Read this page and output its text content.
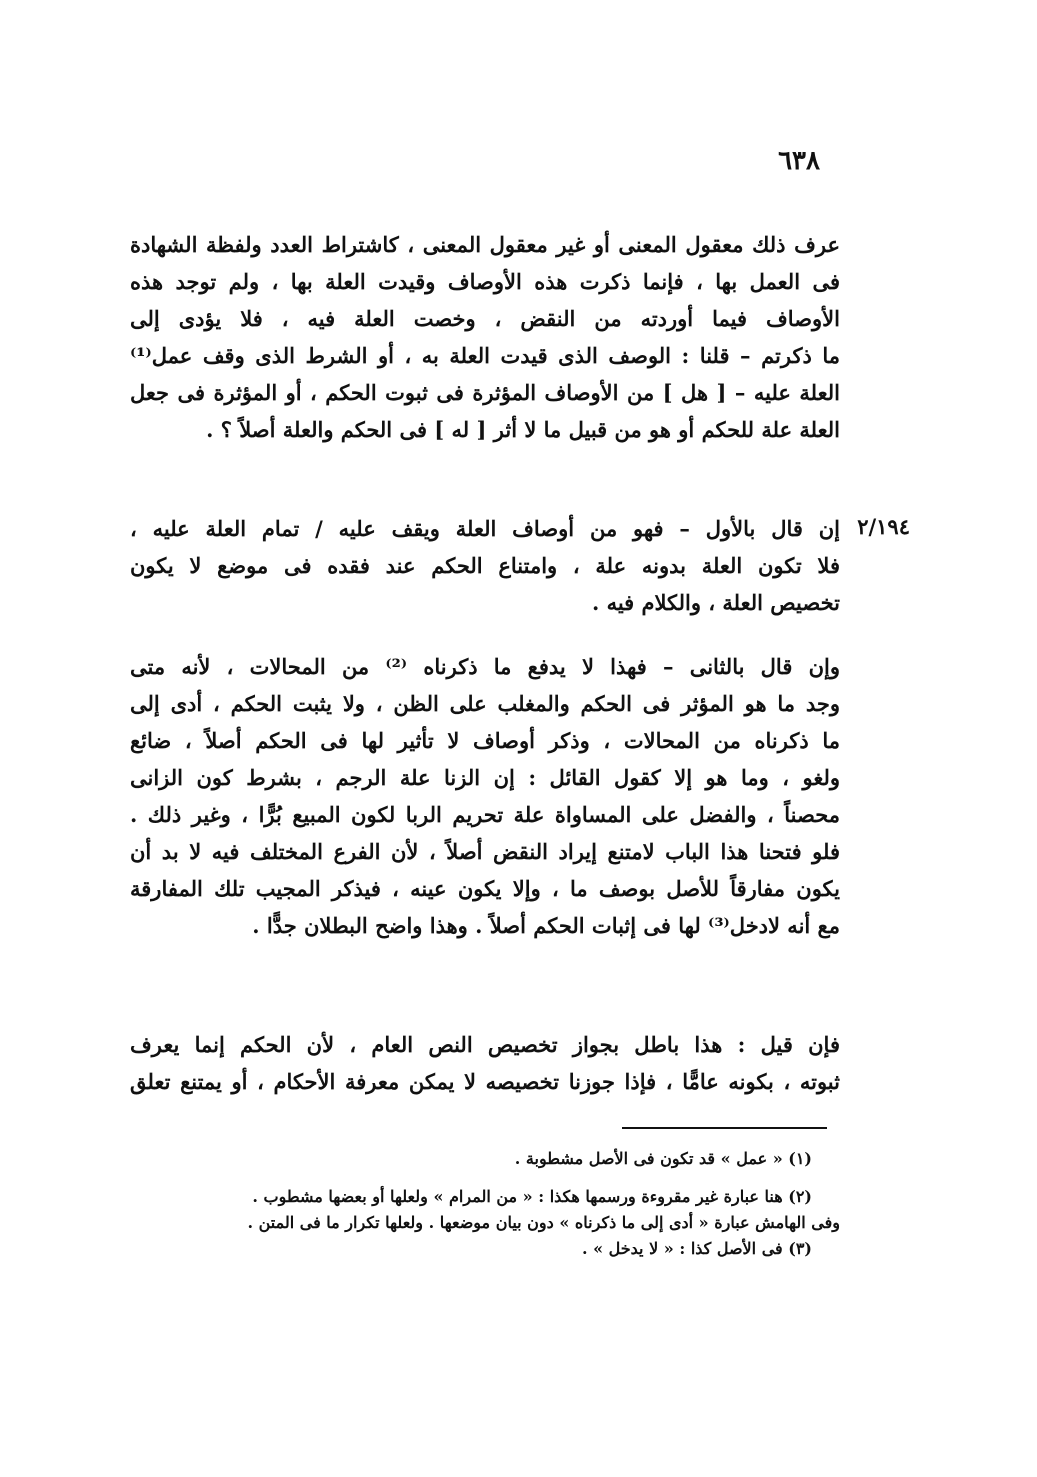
٦٣٨
٢/١٩٤
عرف ذلك معقول المعنى أو غير معقول المعنى ، كاشتراط العدد ولفظة الشهادة
فى العمل بها ، فإنما ذكرت هذه الأوصاف وقيدت العلة بها ، ولم توجد هذه
الأوصاف فيما أوردته من النقض ، وخصت العلة فيه ، فلا يؤدى إلى
ما ذكرتم – قلنا : الوصف الذى قيدت العلة به ، أو الشرط الذى وقف عمل⁽¹⁾
العلة عليه – [ هل ] من الأوصاف المؤثرة فى ثبوت الحكم ، أو المؤثرة فى جعل
العلة علة للحكم أو هو من قبيل ما لا أثر [ له ] فى الحكم والعلة أصلاً ؟ .
إن قال بالأول – فهو من أوصاف العلة ويقف عليه / تمام العلة عليه ،
فلا تكون العلة بدونه علة ، وامتناع الحكم عند فقده فى موضع لا يكون
تخصيص العلة ، والكلام فيه .
وإن قال بالثانى – فهذا لا يدفع ما ذكرناه ⁽²⁾ من المحالات ، لأنه متى
وجد ما هو المؤثر فى الحكم والمغلب على الظن ، ولا يثبت الحكم ، أدى إلى
ما ذكرناه من المحالات ، وذكر أوصاف لا تأثير لها فى الحكم أصلاً ، ضائع
ولغو ، وما هو إلا كقول القائل : إن الزنا علة الرجم ، بشرط كون الزانى
محصناً ، والفضل على المساواة علة تحريم الربا لكون المبيع بُرًّا ، وغير ذلك .
فلو فتحنا هذا الباب لامتنع إيراد النقض أصلاً ، لأن الفرع المختلف فيه لا بد أن
يكون مفارقاً للأصل بوصف ما ، وإلا يكون عينه ، فيذكر المجيب تلك المفارقة
مع أنه لادخل⁽³⁾ لها فى إثبات الحكم أصلاً . وهذا واضح البطلان جدًّا .
فإن قيل : هذا باطل بجواز تخصيص النص العام ، لأن الحكم إنما يعرف
ثبوته ، بكونه عامًّا ، فإذا جوزنا تخصيصه لا يمكن معرفة الأحكام ، أو يمتنع تعلق
(١) « عمل » قد تكون فى الأصل مشطوبة .
(٢) هنا عبارة غير مقروءة ورسمها هكذا : « من المرام » ولعلها أو بعضها مشطوب .
وفى الهامش عبارة « أدى إلى ما ذكرناه » دون بيان موضعها . ولعلها تكرار ما فى المتن .
(٣) فى الأصل كذا : « لا يدخل » .
